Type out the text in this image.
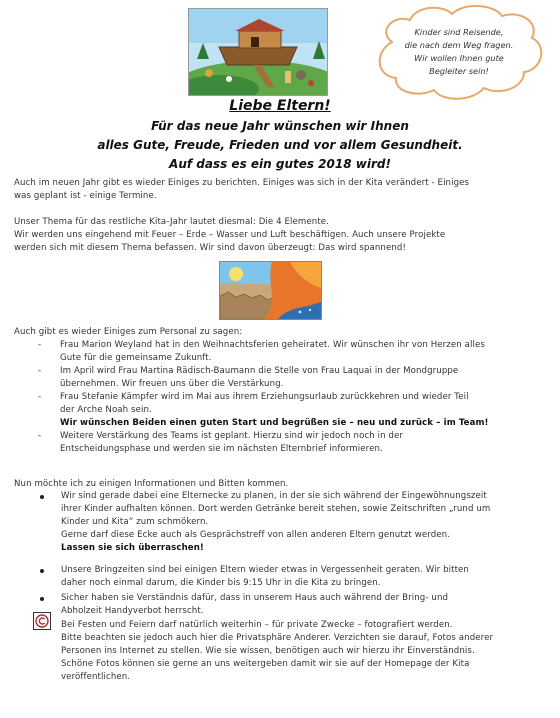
Kinder sind Reisende,
die nach dem Weg fragen.
Wir wollen Ihnen gute
Begleiter sein!
Liebe Eltern!
Für das neue Jahr wünschen wir Ihnen
alles Gute, Freude, Frieden und vor allem Gesundheit.
Auf dass es ein gutes 2018 wird!
Auch im neuen Jahr gibt es wieder Einiges zu berichten. Einiges was sich in der Kita verändert - Einiges
was geplant ist - einige Termine.
Unser Thema für das restliche Kita-Jahr lautet diesmal: Die 4 Elemente.
Wir werden uns eingehend mit Feuer – Erde – Wasser und Luft beschäftigen. Auch unsere Projekte
werden sich mit diesem Thema befassen. Wir sind davon überzeugt: Das wird spannend!
Auch gibt es wieder Einiges zum Personal zu sagen:
- Frau Marion Weyland hat in den Weihnachtsferien geheiratet. Wir wünschen ihr von Herzen alles
Gute für die gemeinsame Zukunft.
- Im April wird Frau Martina Rädisch-Baumann die Stelle von Frau Laquai in der Mondgruppe
übernehmen. Wir freuen uns über die Verstärkung.
- Frau Stefanie Kämpfer wird im Mai aus ihrem Erziehungsurlaub zurückkehren und wieder Teil
der Arche Noah sein.
Wir wünschen Beiden einen guten Start und begrüßen sie – neu und zurück – im Team!
- Weitere Verstärkung des Teams ist geplant. Hierzu sind wir jedoch noch in der
Entscheidungsphase und werden sie im nächsten Elternbrief informieren.
Nun möchte ich zu einigen Informationen und Bitten kommen.
Wir sind gerade dabei eine Elternecke zu planen, in der sie sich während der Eingewöhnungszeit
ihrer Kinder aufhalten können. Dort werden Getränke bereit stehen, sowie Zeitschriften „rund um
Kinder und Kita“ zum schmökern.
Gerne darf diese Ecke auch als Gesprächstreff von allen anderen Eltern genutzt werden.
Lassen sie sich überraschen!
Unsere Bringzeiten sind bei einigen Eltern wieder etwas in Vergessenheit geraten. Wir bitten
daher noch einmal darum, die Kinder bis 9:15 Uhr in die Kita zu bringen.
Sicher haben sie Verständnis dafür, dass in unserem Haus auch während der Bring- und
Abholzeit Handyverbot herrscht.
Bei Festen und Feiern darf natürlich weiterhin – für private Zwecke – fotografiert werden.
Bitte beachten sie jedoch auch hier die Privatsphäre Anderer. Verzichten sie darauf, Fotos anderer
Personen ins Internet zu stellen. Wie sie wissen, benötigen auch wir hierzu ihr Einverständnis.
Schöne Fotos können sie gerne an uns weitergeben damit wir sie auf der Homepage der Kita
veröffentlichen.
